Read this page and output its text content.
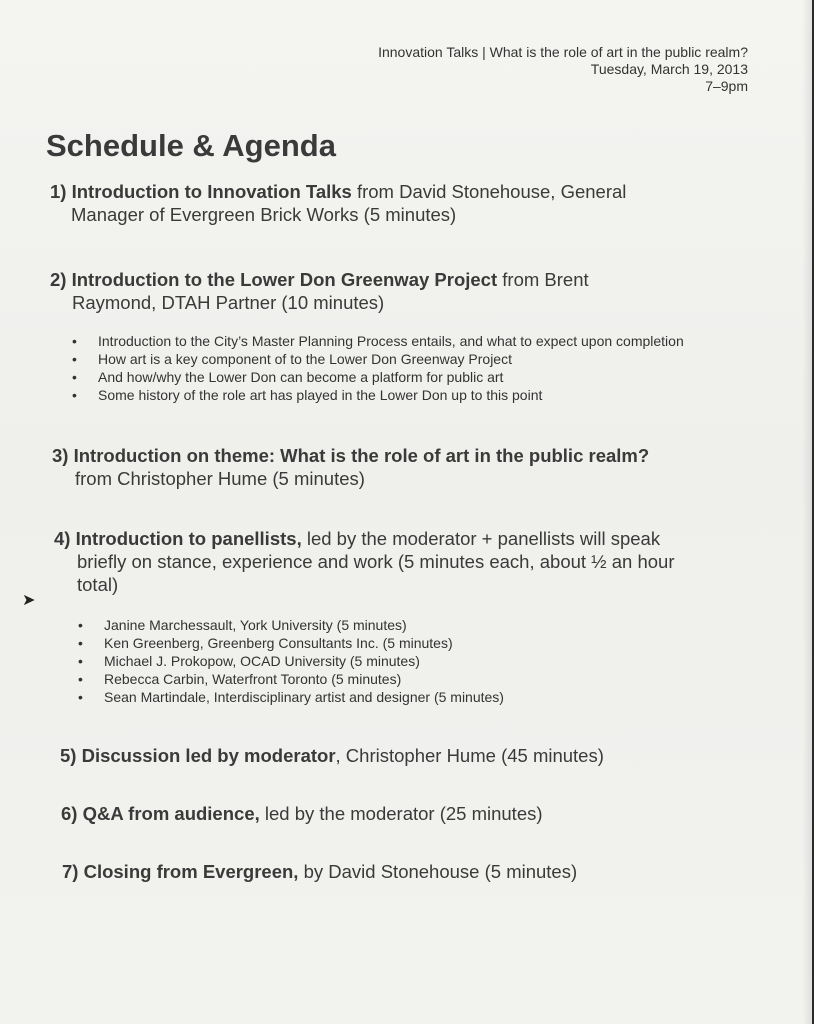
Innovation Talks | What is the role of art in the public realm?
Tuesday, March 19, 2013
7–9pm
Schedule & Agenda
1) Introduction to Innovation Talks from David Stonehouse, General
Manager of Evergreen Brick Works (5 minutes)
2) Introduction to the Lower Don Greenway Project from Brent
Raymond, DTAH Partner (10 minutes)
• Introduction to the City’s Master Planning Process entails, and what to expect upon completion
• How art is a key component of to the Lower Don Greenway Project
• And how/why the Lower Don can become a platform for public art
• Some history of the role art has played in the Lower Don up to this point
3) Introduction on theme: What is the role of art in the public realm?
from Christopher Hume (5 minutes)
4) Introduction to panellists, led by the moderator + panellists will speak
briefly on stance, experience and work (5 minutes each, about ½ an hour
total)
➤
• Janine Marchessault, York University (5 minutes)
• Ken Greenberg, Greenberg Consultants Inc. (5 minutes)
• Michael J. Prokopow, OCAD University (5 minutes)
• Rebecca Carbin, Waterfront Toronto (5 minutes)
• Sean Martindale, Interdisciplinary artist and designer (5 minutes)
5) Discussion led by moderator, Christopher Hume (45 minutes)
6) Q&A from audience, led by the moderator (25 minutes)
7) Closing from Evergreen, by David Stonehouse (5 minutes)
